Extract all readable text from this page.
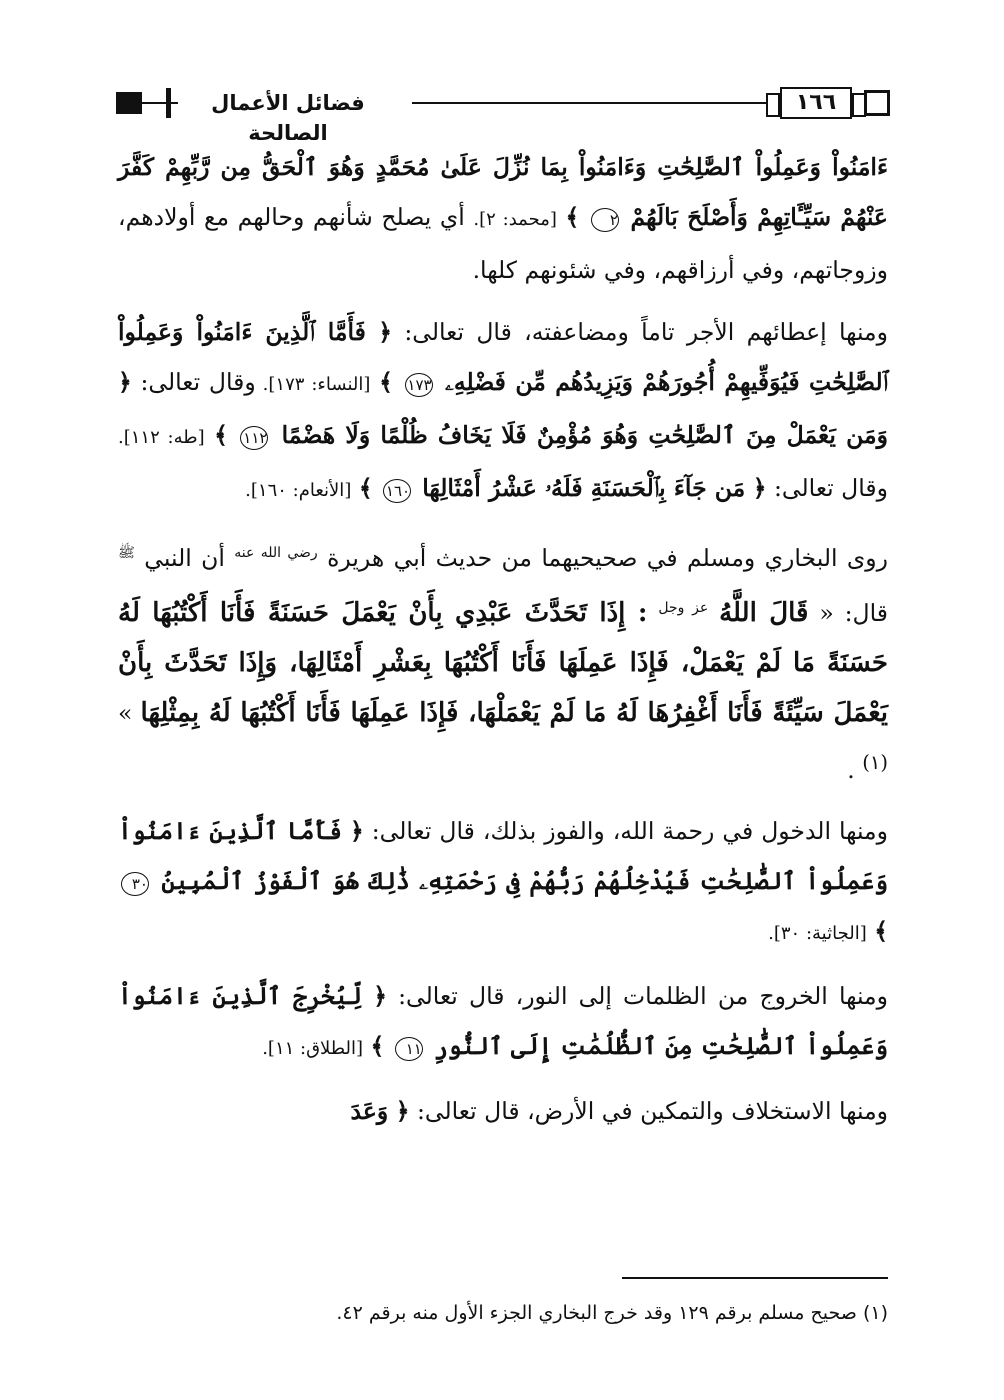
فضائل الأعمال الصالحة
١٦٦

ءَامَنُواْ وَعَمِلُواْ ٱلصَّٰلِحَٰتِ وَءَامَنُواْ بِمَا نُزِّلَ عَلَىٰ مُحَمَّدٍ وَهُوَ ٱلْحَقُّ مِن رَّبِّهِمْ كَفَّرَ عَنْهُمْ سَيِّـَٔاتِهِمْ وَأَصْلَحَ بَالَهُمْ ٢ ﴾ [محمد: ٢]. أي يصلح شأنهم وحالهم مع أولادهم، وزوجاتهم، وفي أرزاقهم، وفي شئونهم كلها.

ومنها إعطائهم الأجر تاماً ومضاعفته، قال تعالى: ﴿ فَأَمَّا ٱلَّذِينَ ءَامَنُواْ وَعَمِلُواْ ٱلصَّٰلِحَٰتِ فَيُوَفِّيهِمْ أُجُورَهُمْ وَيَزِيدُهُم مِّن فَضْلِهِۦ ١٧٣ ﴾ [النساء: ١٧٣]. وقال تعالى: ﴿ وَمَن يَعْمَلْ مِنَ ٱلصَّٰلِحَٰتِ وَهُوَ مُؤْمِنٌ فَلَا يَخَافُ ظُلْمًا وَلَا هَضْمًا ١١٢ ﴾ [طه: ١١٢]. وقال تعالى: ﴿ مَن جَآءَ بِٱلْحَسَنَةِ فَلَهُۥ عَشْرُ أَمْثَالِهَا ١٦٠ ﴾ [الأنعام: ١٦٠].

روى البخاري ومسلم في صحيحيهما من حديث أبي هريرة $^{رضي الله عنه}$ أن النبي $^ﷺ$ قال: « قَالَ اللَّهُ $^{عز وجل}$ : إِذَا تَحَدَّثَ عَبْدِي بِأَنْ يَعْمَلَ حَسَنَةً فَأَنَا أَكْتُبُهَا لَهُ حَسَنَةً مَا لَمْ يَعْمَلْ، فَإِذَا عَمِلَهَا فَأَنَا أَكْتُبُهَا بِعَشْرِ أَمْثَالِهَا، وَإِذَا تَحَدَّثَ بِأَنْ يَعْمَلَ سَيِّئَةً فَأَنَا أَغْفِرُهَا لَهُ مَا لَمْ يَعْمَلْهَا، فَإِذَا عَمِلَهَا فَأَنَا أَكْتُبُهَا لَهُ بِمِثْلِهَا » $^{(١)}$ .

ومنها الدخول في رحمة الله، والفوز بذلك، قال تعالى: ﴿ فَأَمَّا ٱلَّذِينَ ءَامَنُواْ وَعَمِلُواْ ٱلصَّٰلِحَٰتِ فَيُدْخِلُهُمْ رَبُّهُمْ فِى رَحْمَتِهِۦ ذَٰلِكَ هُوَ ٱلْفَوْزُ ٱلْمُبِينُ ٣٠ ﴾ [الجاثية: ٣٠].

ومنها الخروج من الظلمات إلى النور، قال تعالى: ﴿ لِّيُخْرِجَ ٱلَّذِينَ ءَامَنُواْ وَعَمِلُواْ ٱلصَّٰلِحَٰتِ مِنَ ٱلظُّلُمَٰتِ إِلَى ٱلنُّورِ ١١ ﴾ [الطلاق: ١١].

ومنها الاستخلاف والتمكين في الأرض، قال تعالى: ﴿ وَعَدَ

(١) صحيح مسلم برقم ١٢٩ وقد خرج البخاري الجزء الأول منه برقم ٤٢.
